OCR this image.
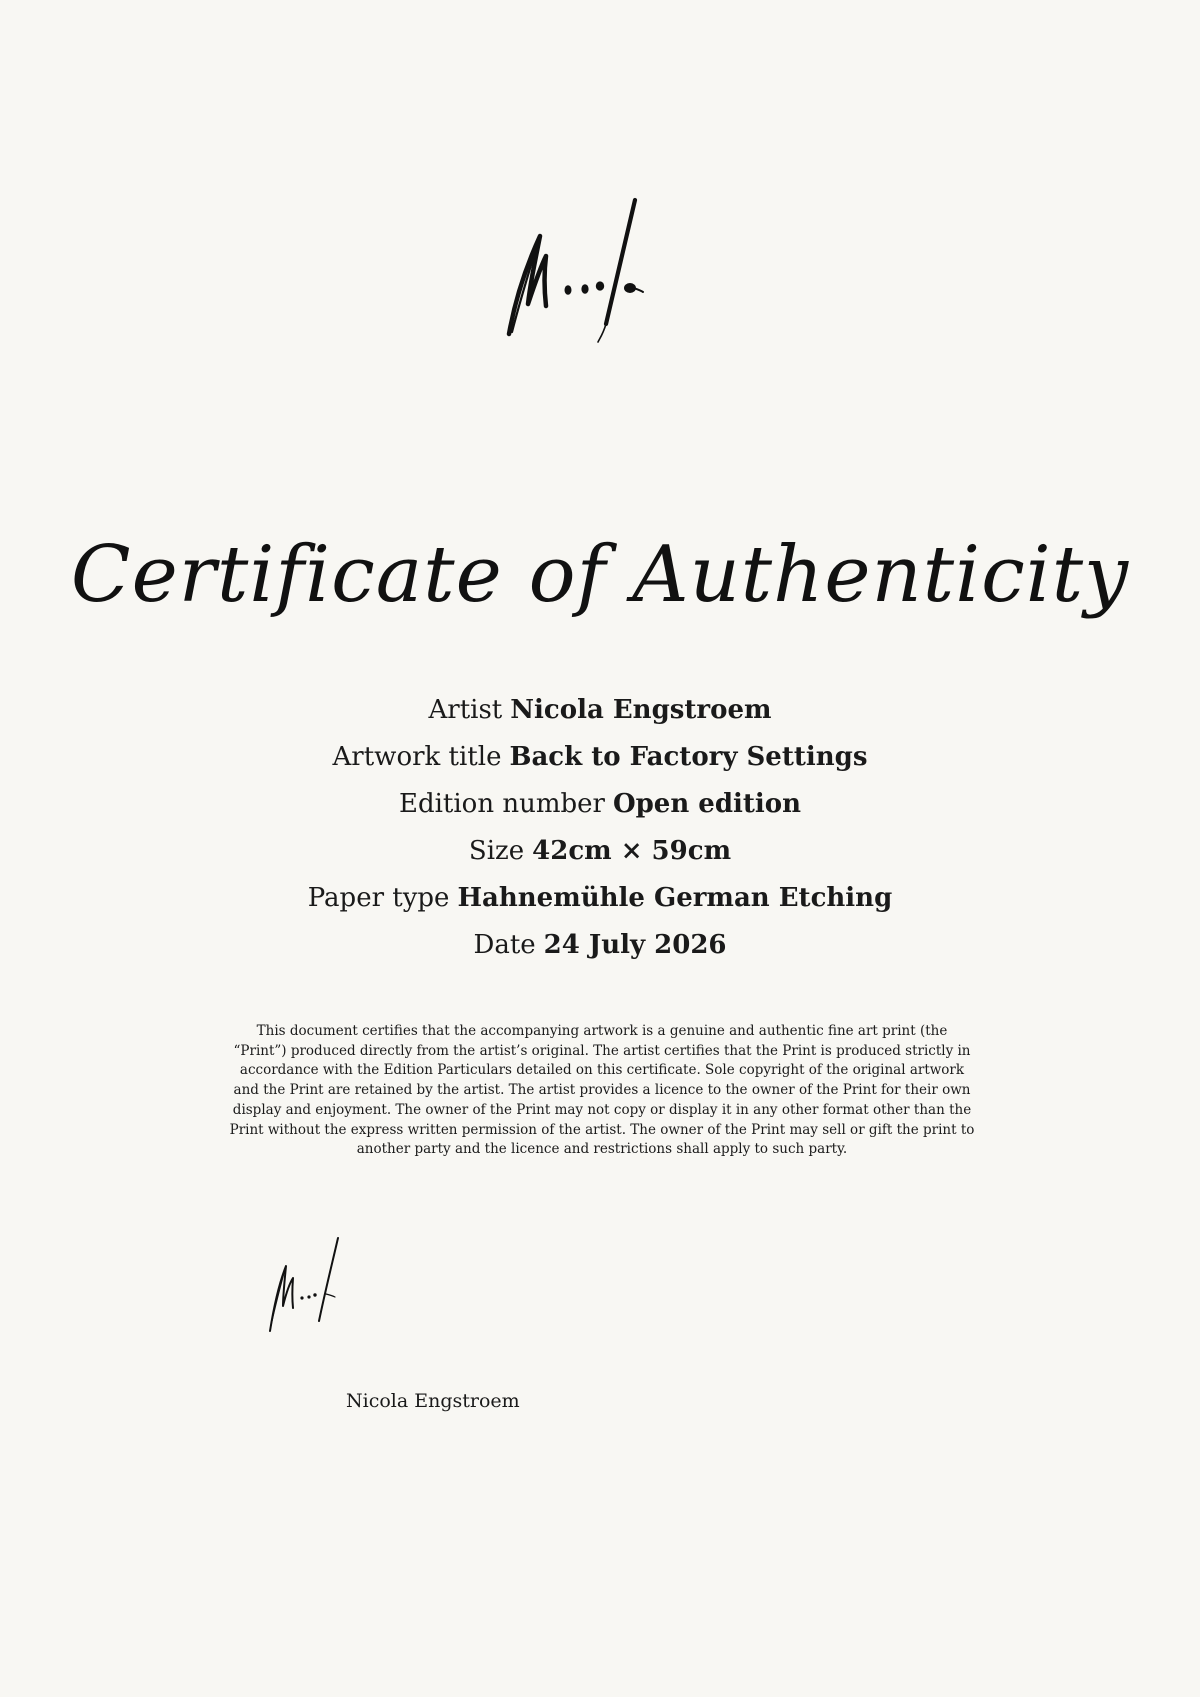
Certificate of Authenticity
Artist Nicola Engstroem
Artwork title Back to Factory Settings
Edition number Open edition
Size 42cm × 59cm
Paper type Hahnemühle German Etching
Date 24 July 2026
This document certifies that the accompanying artwork is a genuine and authentic fine art print (the
“Print”) produced directly from the artist’s original. The artist certifies that the Print is produced strictly in
accordance with the Edition Particulars detailed on this certificate. Sole copyright of the original artwork
and the Print are retained by the artist. The artist provides a licence to the owner of the Print for their own
display and enjoyment. The owner of the Print may not copy or display it in any other format other than the
Print without the express written permission of the artist. The owner of the Print may sell or gift the print to
another party and the licence and restrictions shall apply to such party.
Nicola Engstroem
